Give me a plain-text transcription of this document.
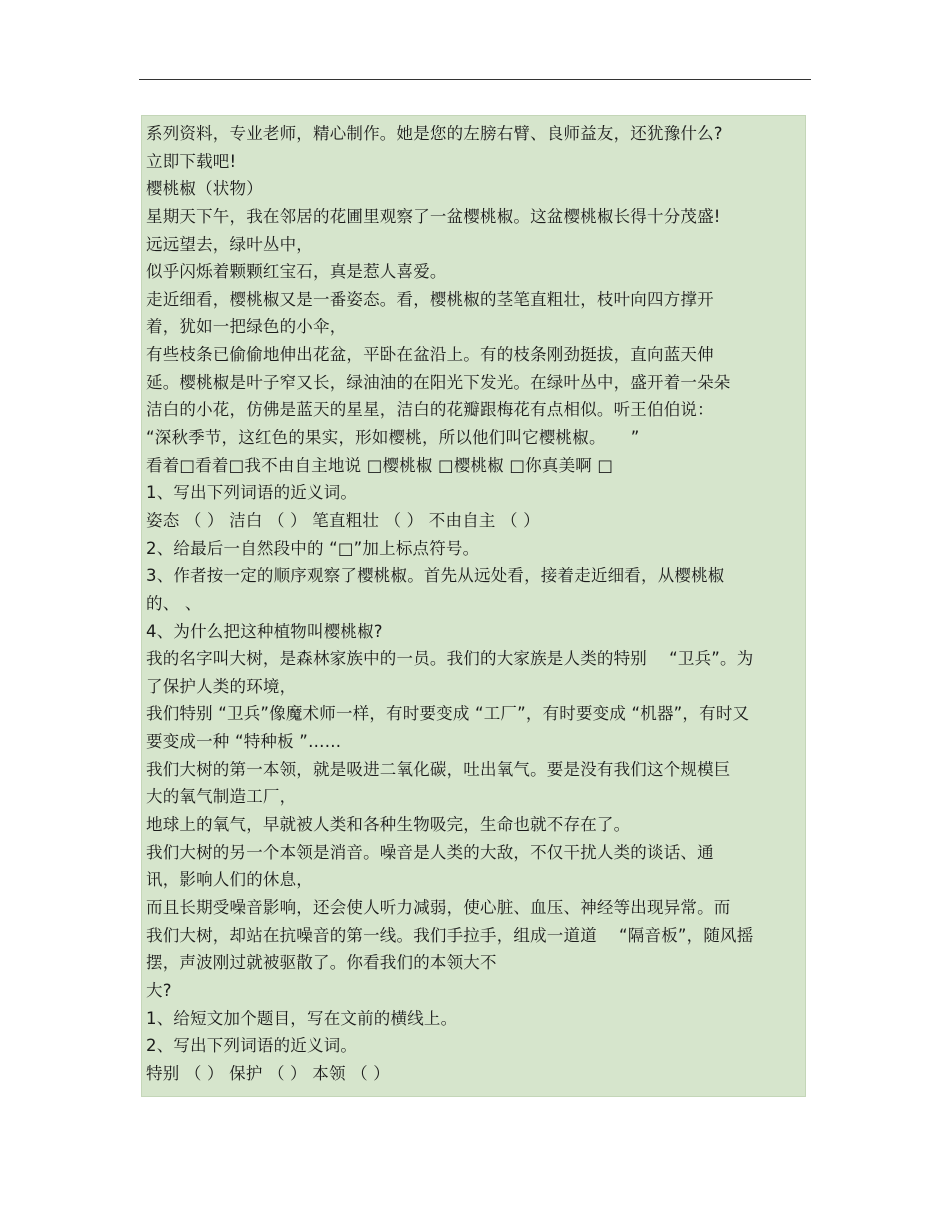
系列资料，专业老师，精心制作。她是您的左膀右臂、良师益友，还犹豫什么?
立即下载吧!
樱桃椒（状物）
星期天下午，我在邻居的花圃里观察了一盆樱桃椒。这盆樱桃椒长得十分茂盛!
远远望去，绿叶丛中，
似乎闪烁着颗颗红宝石，真是惹人喜爱。
走近细看，樱桃椒又是一番姿态。看，樱桃椒的茎笔直粗壮，枝叶向四方撑开
着，犹如一把绿色的小伞，
有些枝条已偷偷地伸出花盆，平卧在盆沿上。有的枝条刚劲挺拔，直向蓝天伸
延。樱桃椒是叶子窄又长，绿油油的在阳光下发光。在绿叶丛中，盛开着一朵朵
洁白的小花，仿佛是蓝天的星星，洁白的花瓣跟梅花有点相似。听王伯伯说：
“深秋季节，这红色的果实，形如樱桃，所以他们叫它樱桃椒。　　”
看着□看着□我不由自主地说 □樱桃椒 □樱桃椒 □你真美啊 □
1、写出下列词语的近义词。
姿态 （ ） 洁白 （ ） 笔直粗壮 （ ） 不由自主 （ ）
2、给最后一自然段中的 “□”加上标点符号。
3、作者按一定的顺序观察了樱桃椒。首先从远处看，接着走近细看，从樱桃椒
的、 、
4、为什么把这种植物叫樱桃椒?
我的名字叫大树，是森林家族中的一员。我们的大家族是人类的特别　 “卫兵”。为
了保护人类的环境，
我们特别 “卫兵”像魔术师一样，有时要变成 “工厂”，有时要变成 “机器”，有时又
要变成一种 “特种板 ”……
我们大树的第一本领，就是吸进二氧化碳，吐出氧气。要是没有我们这个规模巨
大的氧气制造工厂，
地球上的氧气，早就被人类和各种生物吸完，生命也就不存在了。
我们大树的另一个本领是消音。噪音是人类的大敌，不仅干扰人类的谈话、通
讯，影响人们的休息，
而且长期受噪音影响，还会使人听力减弱，使心脏、血压、神经等出现异常。而
我们大树，却站在抗噪音的第一线。我们手拉手，组成一道道　 “隔音板”，随风摇
摆，声波刚过就被驱散了。你看我们的本领大不
大?
1、给短文加个题目，写在文前的横线上。
2、写出下列词语的近义词。
特别 （ ） 保护 （ ） 本领 （ ）
